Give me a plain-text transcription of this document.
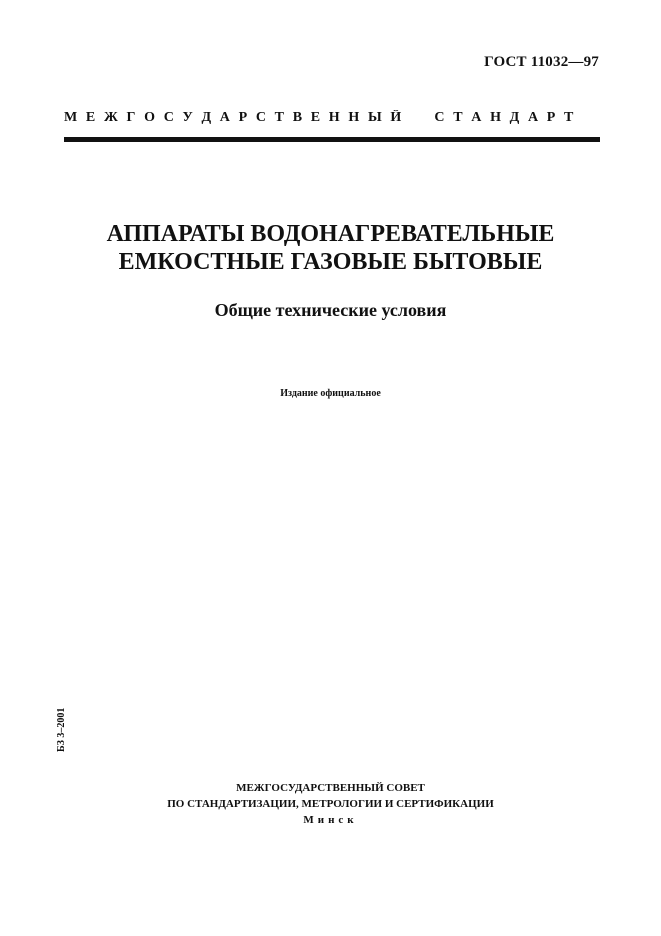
ГОСТ 11032—97
М Е Ж Г О С У Д А Р С Т В Е Н Н Ы Й     С Т А Н Д А Р Т
АППАРАТЫ ВОДОНАГРЕВАТЕЛЬНЫЕ
ЕМКОСТНЫЕ ГАЗОВЫЕ БЫТОВЫЕ
Общие технические условия
Издание официальное
БЗ 3–2001
МЕЖГОСУДАРСТВЕННЫЙ СОВЕТ
ПО СТАНДАРТИЗАЦИИ, МЕТРОЛОГИИ И СЕРТИФИКАЦИИ
Минск
